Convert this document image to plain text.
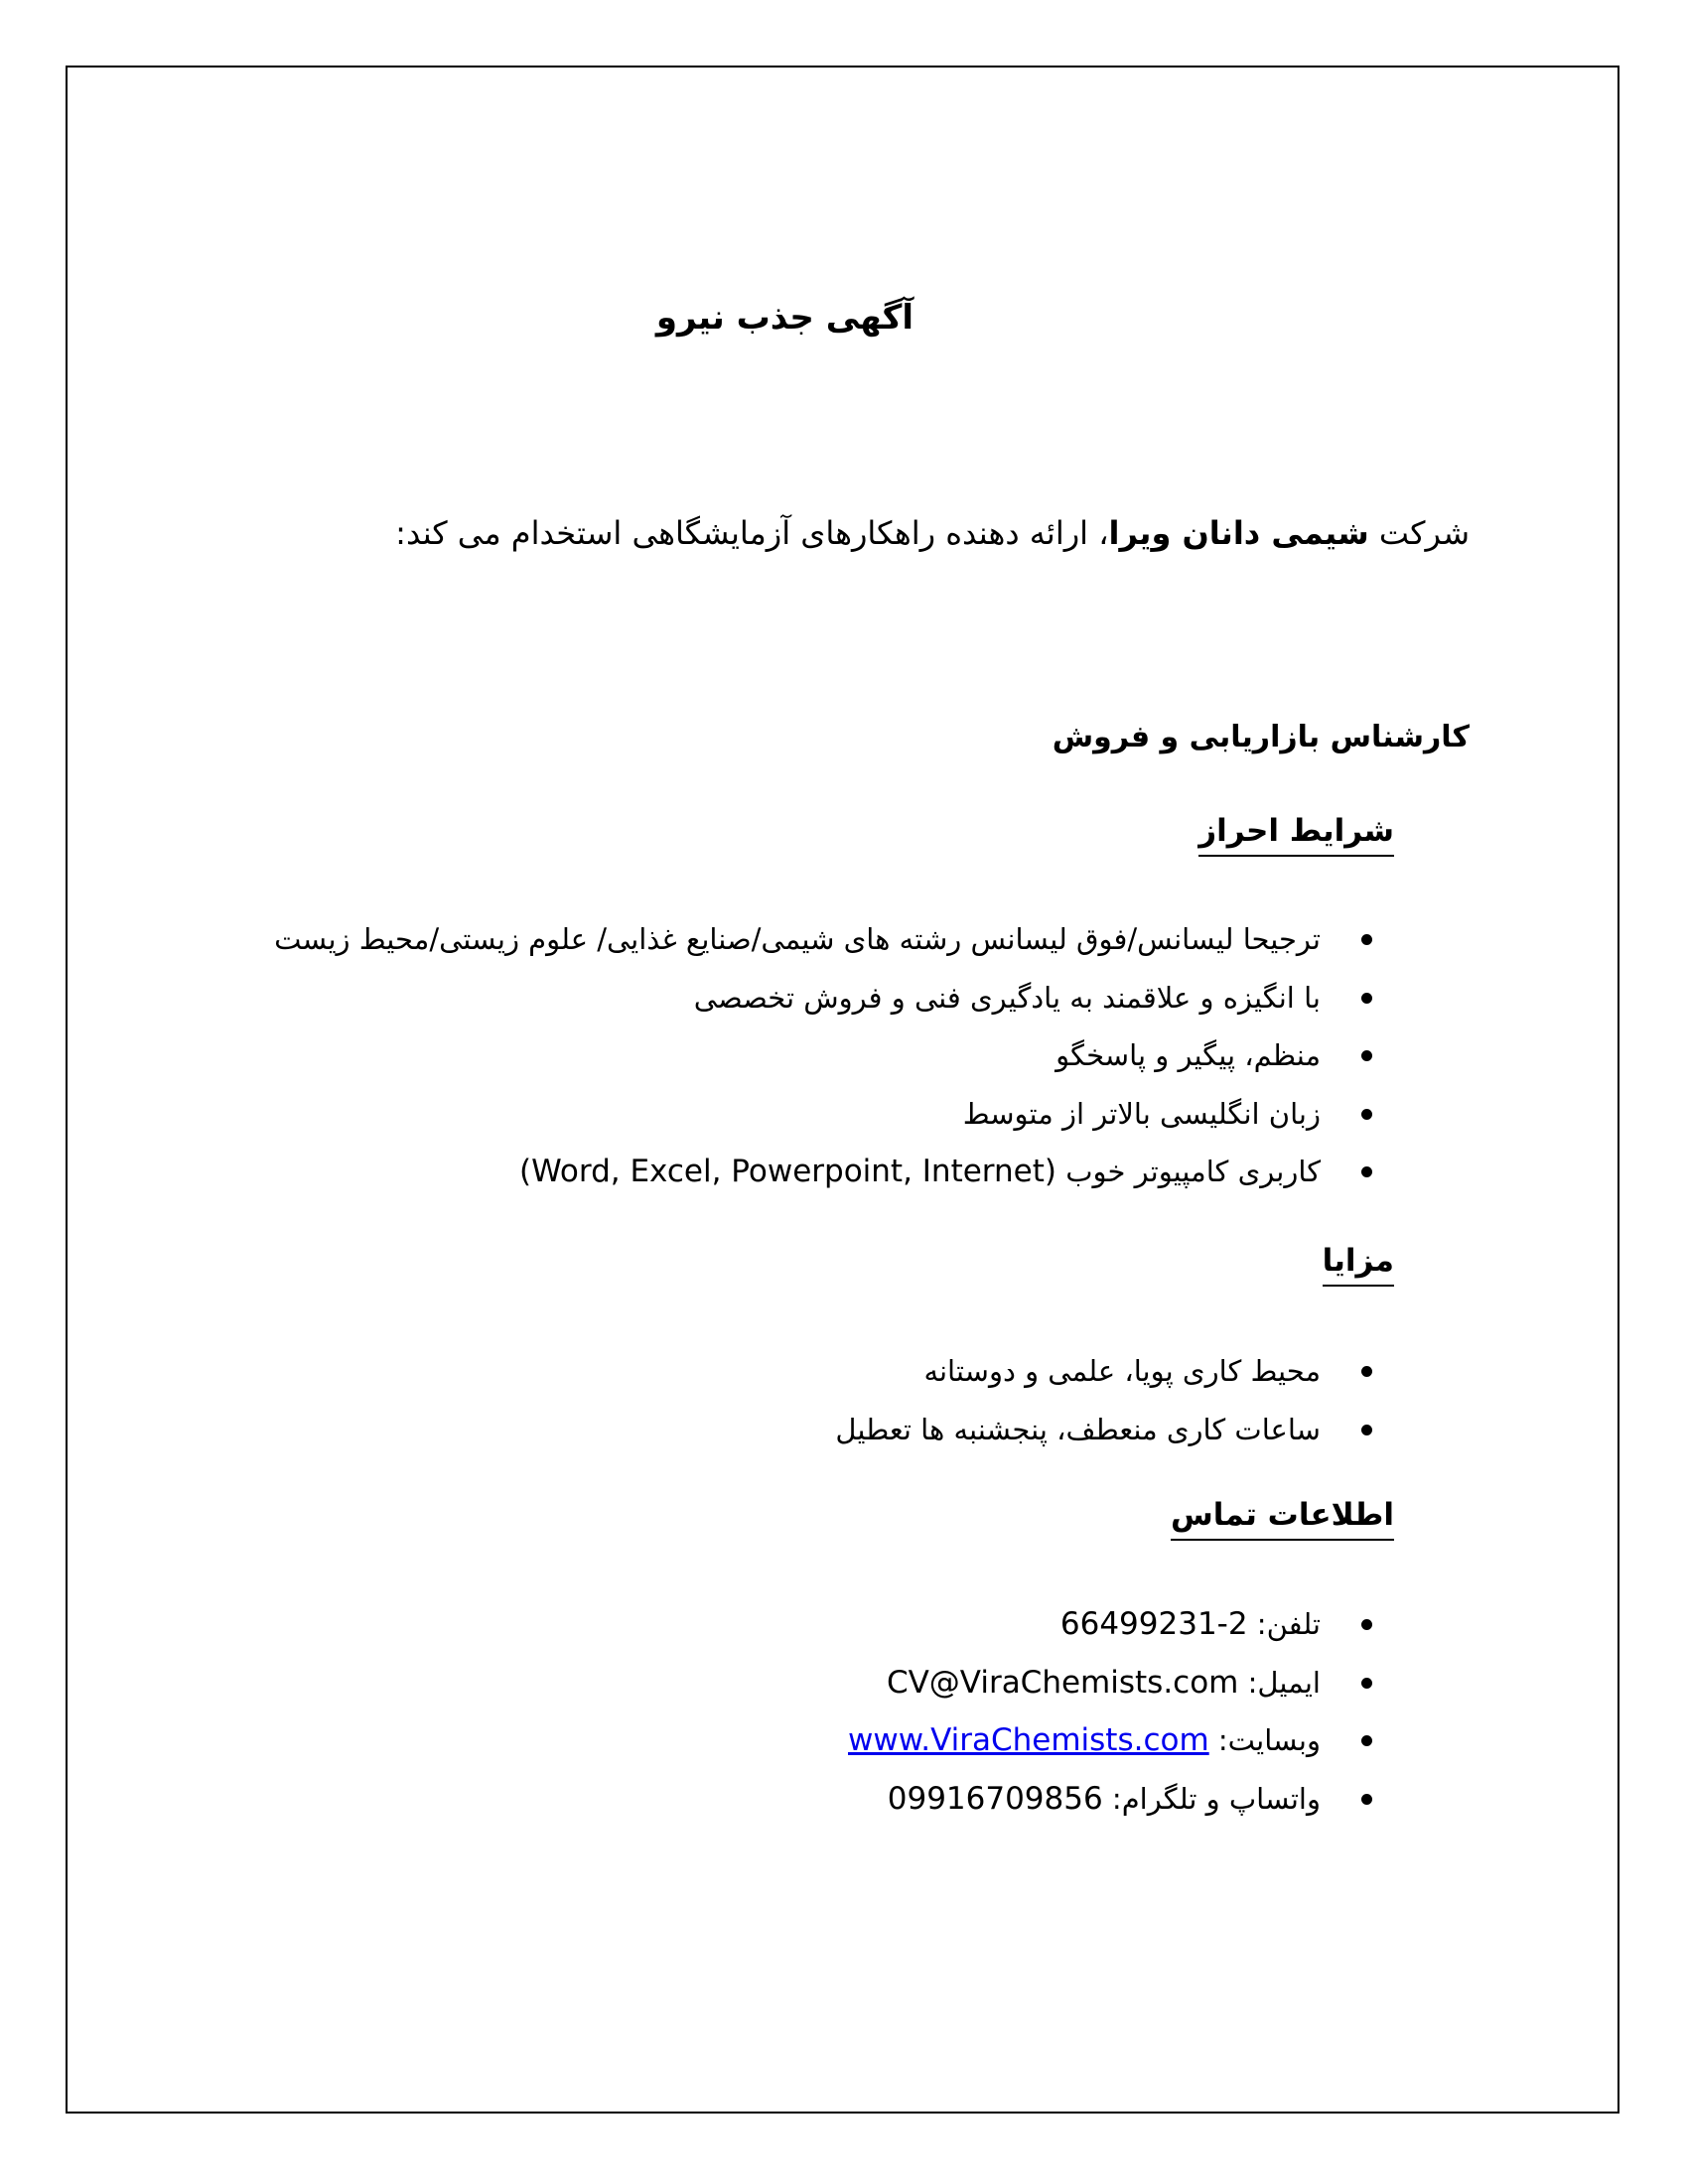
آگهی جذب نیرو
شرکت شیمی دانان ویرا، ارائه دهنده راهکارهای آزمایشگاهی استخدام می کند:
کارشناس بازاریابی و فروش
شرایط احراز
ترجیحا لیسانس/فوق لیسانس رشته های شیمی/صنایع غذایی/ علوم زیستی/محیط زیست
با انگیزه و علاقمند به یادگیری فنی و فروش تخصصی
منظم، پیگیر و پاسخگو
زبان انگلیسی بالاتر از متوسط
کاربری کامپیوتر خوب (Word, Excel, Powerpoint, Internet)
مزایا
محیط کاری پویا، علمی و دوستانه
ساعات کاری منعطف، پنجشنبه ها تعطیل
اطلاعات تماس
تلفن: 66499231-2
ایمیل: CV@ViraChemists.com
وبسایت: www.ViraChemists.com
واتساپ و تلگرام: 09916709856
